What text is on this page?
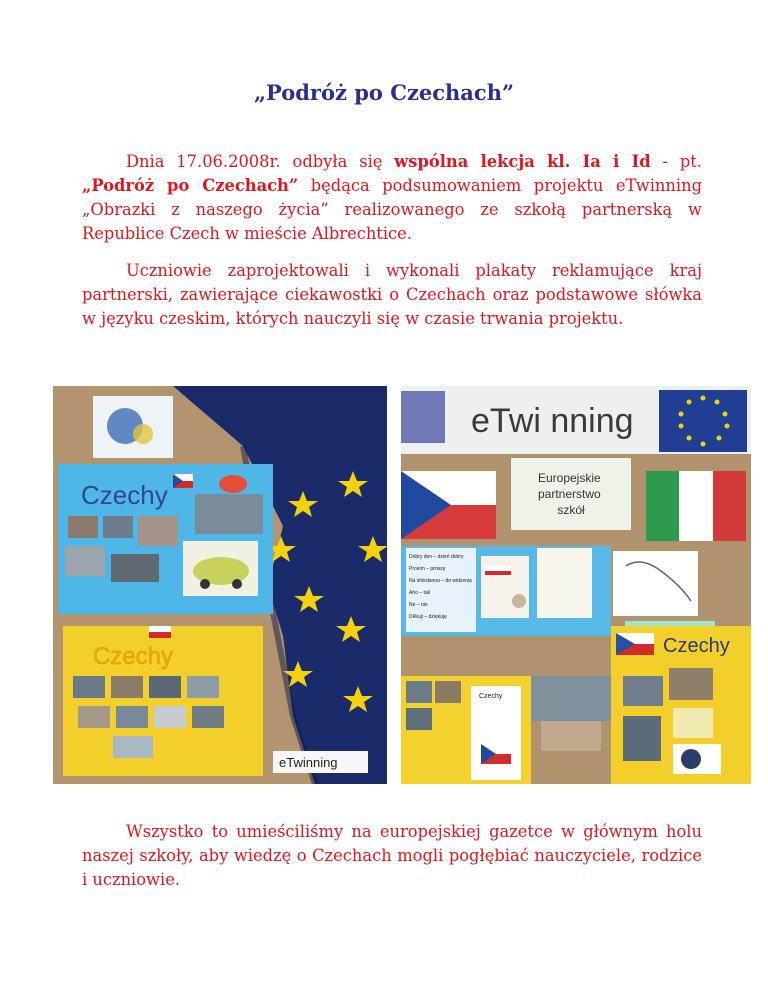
„Podróż po Czechach”

Dnia 17.06.2008r. odbyła się wspólna lekcja kl. Ia i Id - pt. „Podróż po Czechach” będąca podsumowaniem projektu eTwinning „Obrazki z naszego życia” realizowanego ze szkołą partnerską w Republice Czech w mieście Albrechtice.

Uczniowie zaprojektowali i wykonali plakaty reklamujące kraj partnerski, zawierające ciekawostki o Czechach oraz podstawowe słówka w języku czeskim, których nauczyli się w czasie trwania projektu.

Czechy
Czechy
eTwinning
eTwi nning
Europejskie partnerstwo szkół
Dobry den – dzień dobry
Prosím – proszę
Na shledanou – do widzenia
Ano – tak
Ne – nie
Děkuji – dziękuję
Czechy
Czechy

Wszystko to umieściliśmy na europejskiej gazetce w głównym holu naszej szkoły, aby wiedzę o Czechach mogli pogłębiać nauczyciele, rodzice i uczniowie.
